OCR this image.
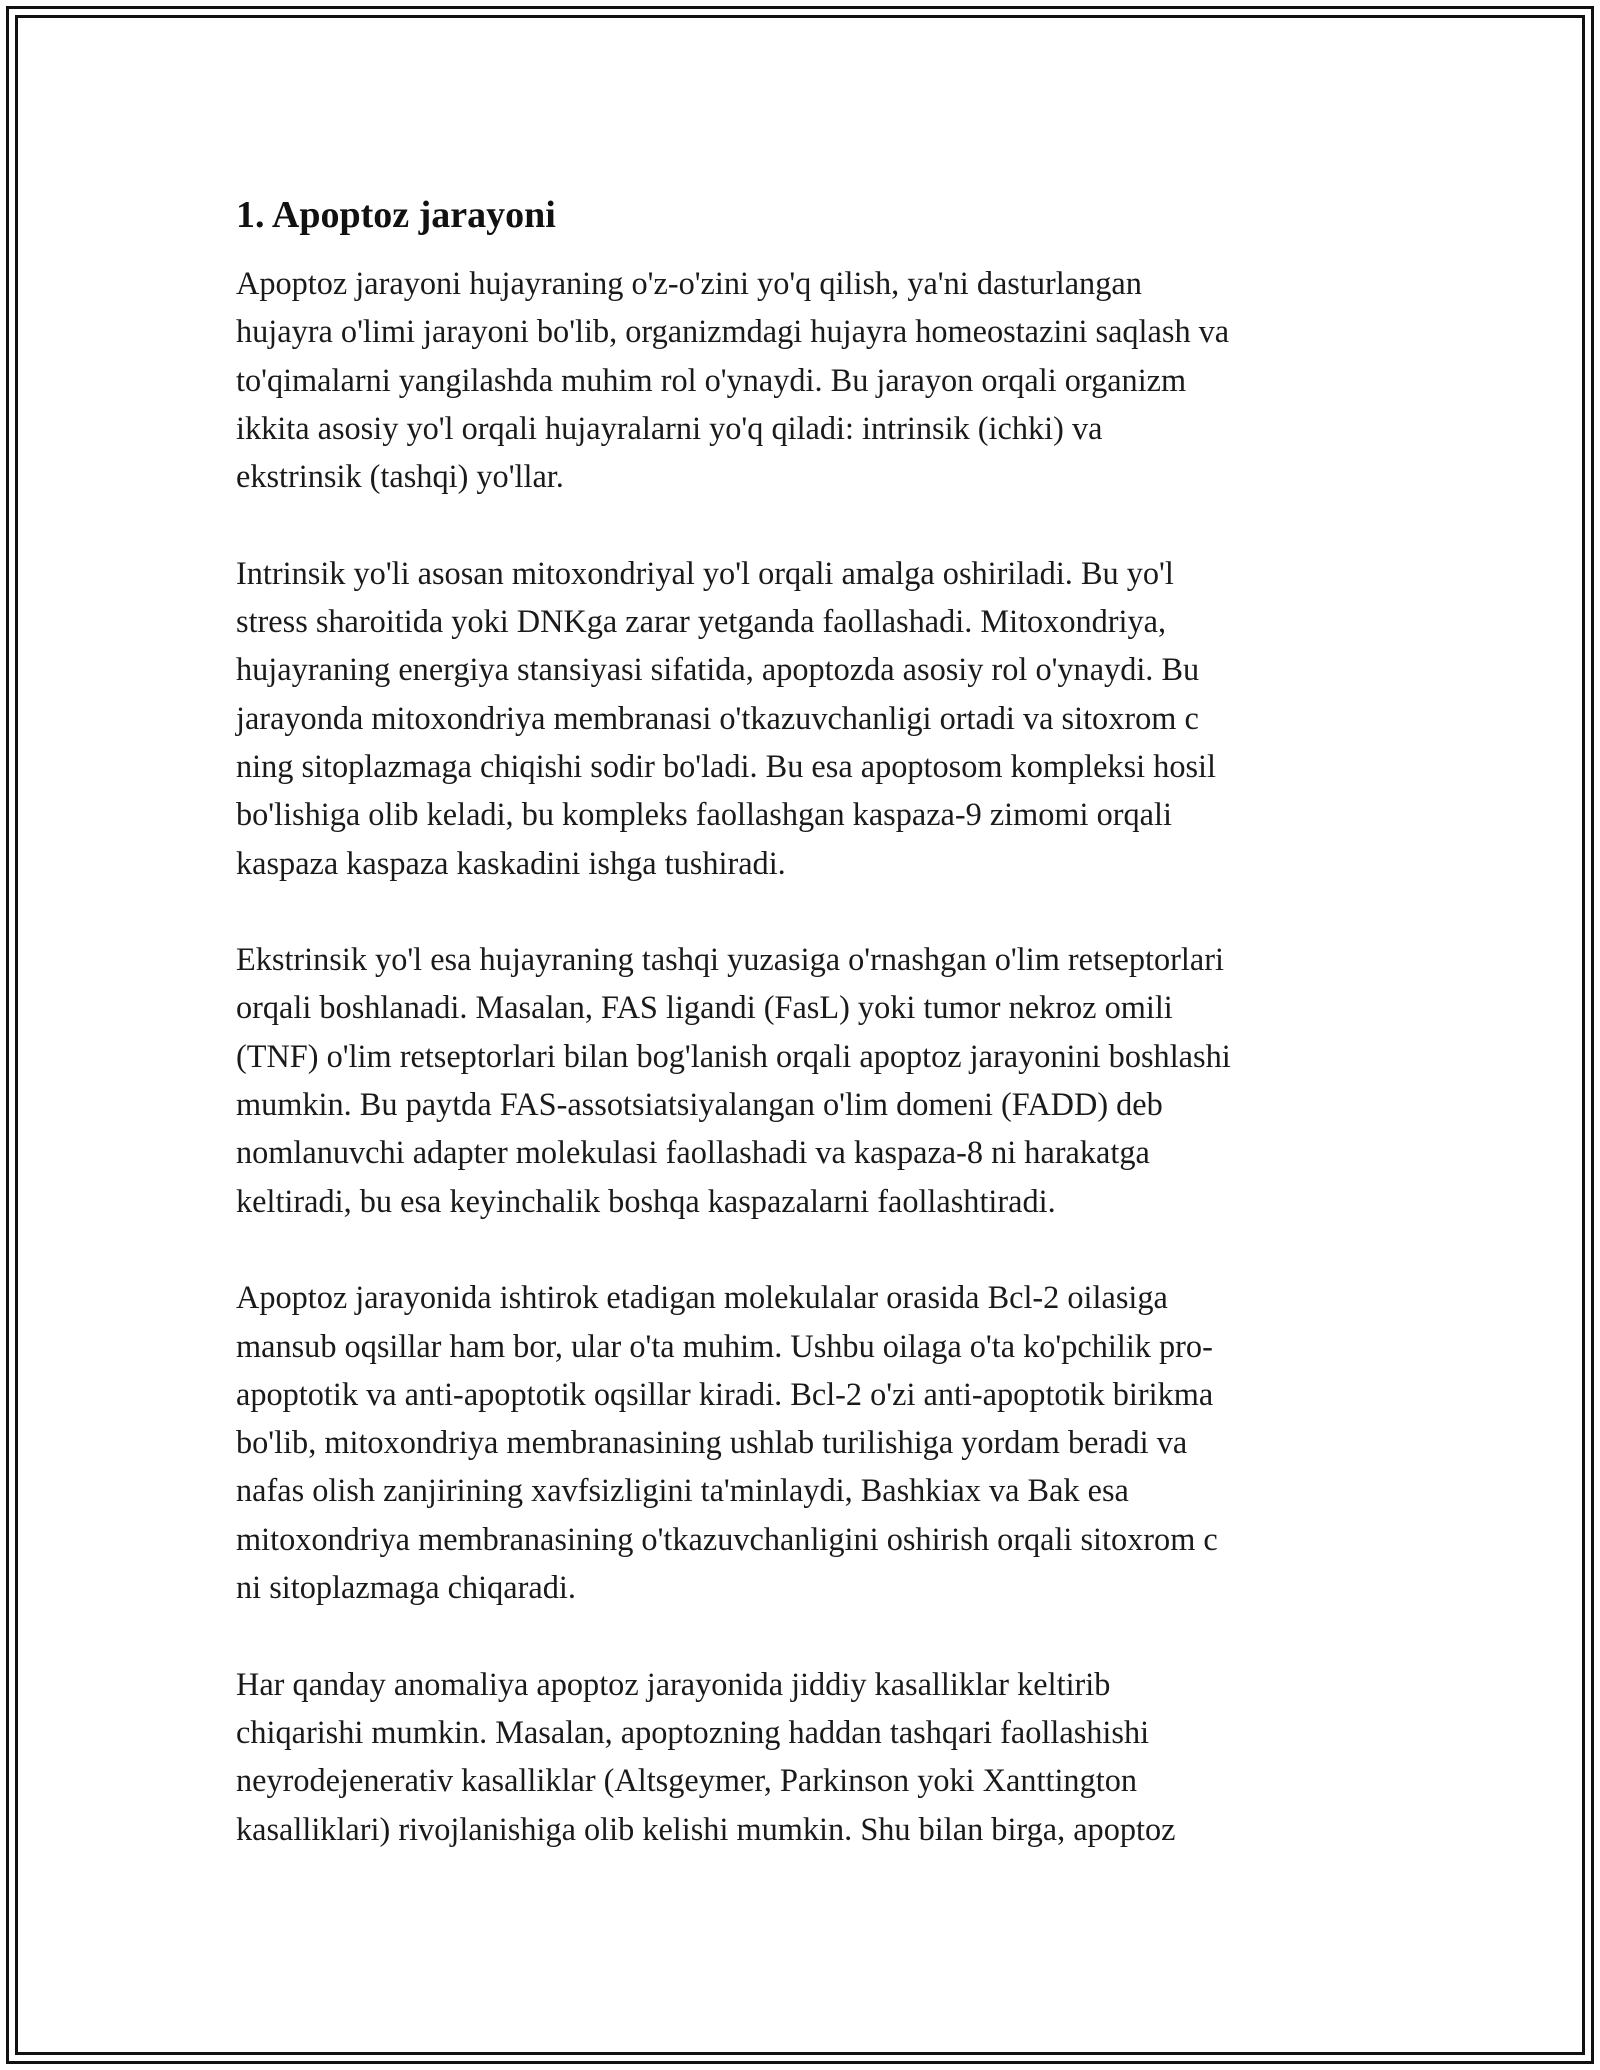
1. Apoptoz jarayoni

Apoptoz jarayoni hujayraning o'z-o'zini yo'q qilish, ya'ni dasturlangan
hujayra o'limi jarayoni bo'lib, organizmdagi hujayra homeostazini saqlash va
to'qimalarni yangilashda muhim rol o'ynaydi. Bu jarayon orqali organizm
ikkita asosiy yo'l orqali hujayralarni yo'q qiladi: intrinsik (ichki) va
ekstrinsik (tashqi) yo'llar.

Intrinsik yo'li asosan mitoxondriyal yo'l orqali amalga oshiriladi. Bu yo'l
stress sharoitida yoki DNKga zarar yetganda faollashadi. Mitoxondriya,
hujayraning energiya stansiyasi sifatida, apoptozda asosiy rol o'ynaydi. Bu
jarayonda mitoxondriya membranasi o'tkazuvchanligi ortadi va sitoxrom c
ning sitoplazmaga chiqishi sodir bo'ladi. Bu esa apoptosom kompleksi hosil
bo'lishiga olib keladi, bu kompleks faollashgan kaspaza-9 zimomi orqali
kaspaza kaspaza kaskadini ishga tushiradi.

Ekstrinsik yo'l esa hujayraning tashqi yuzasiga o'rnashgan o'lim retseptorlari
orqali boshlanadi. Masalan, FAS ligandi (FasL) yoki tumor nekroz omili
(TNF) o'lim retseptorlari bilan bog'lanish orqali apoptoz jarayonini boshlashi
mumkin. Bu paytda FAS-assotsiatsiyalangan o'lim domeni (FADD) deb
nomlanuvchi adapter molekulasi faollashadi va kaspaza-8 ni harakatga
keltiradi, bu esa keyinchalik boshqa kaspazalarni faollashtiradi.

Apoptoz jarayonida ishtirok etadigan molekulalar orasida Bcl-2 oilasiga
mansub oqsillar ham bor, ular o'ta muhim. Ushbu oilaga o'ta ko'pchilik pro-
apoptotik va anti-apoptotik oqsillar kiradi. Bcl-2 o'zi anti-apoptotik birikma
bo'lib, mitoxondriya membranasining ushlab turilishiga yordam beradi va
nafas olish zanjirining xavfsizligini ta'minlaydi, Bashkiax va Bak esa
mitoxondriya membranasining o'tkazuvchanligini oshirish orqali sitoxrom c
ni sitoplazmaga chiqaradi.

Har qanday anomaliya apoptoz jarayonida jiddiy kasalliklar keltirib
chiqarishi mumkin. Masalan, apoptozning haddan tashqari faollashishi
neyrodejenerativ kasalliklar (Altsgeymer, Parkinson yoki Xanttington
kasalliklari) rivojlanishiga olib kelishi mumkin. Shu bilan birga, apoptoz
